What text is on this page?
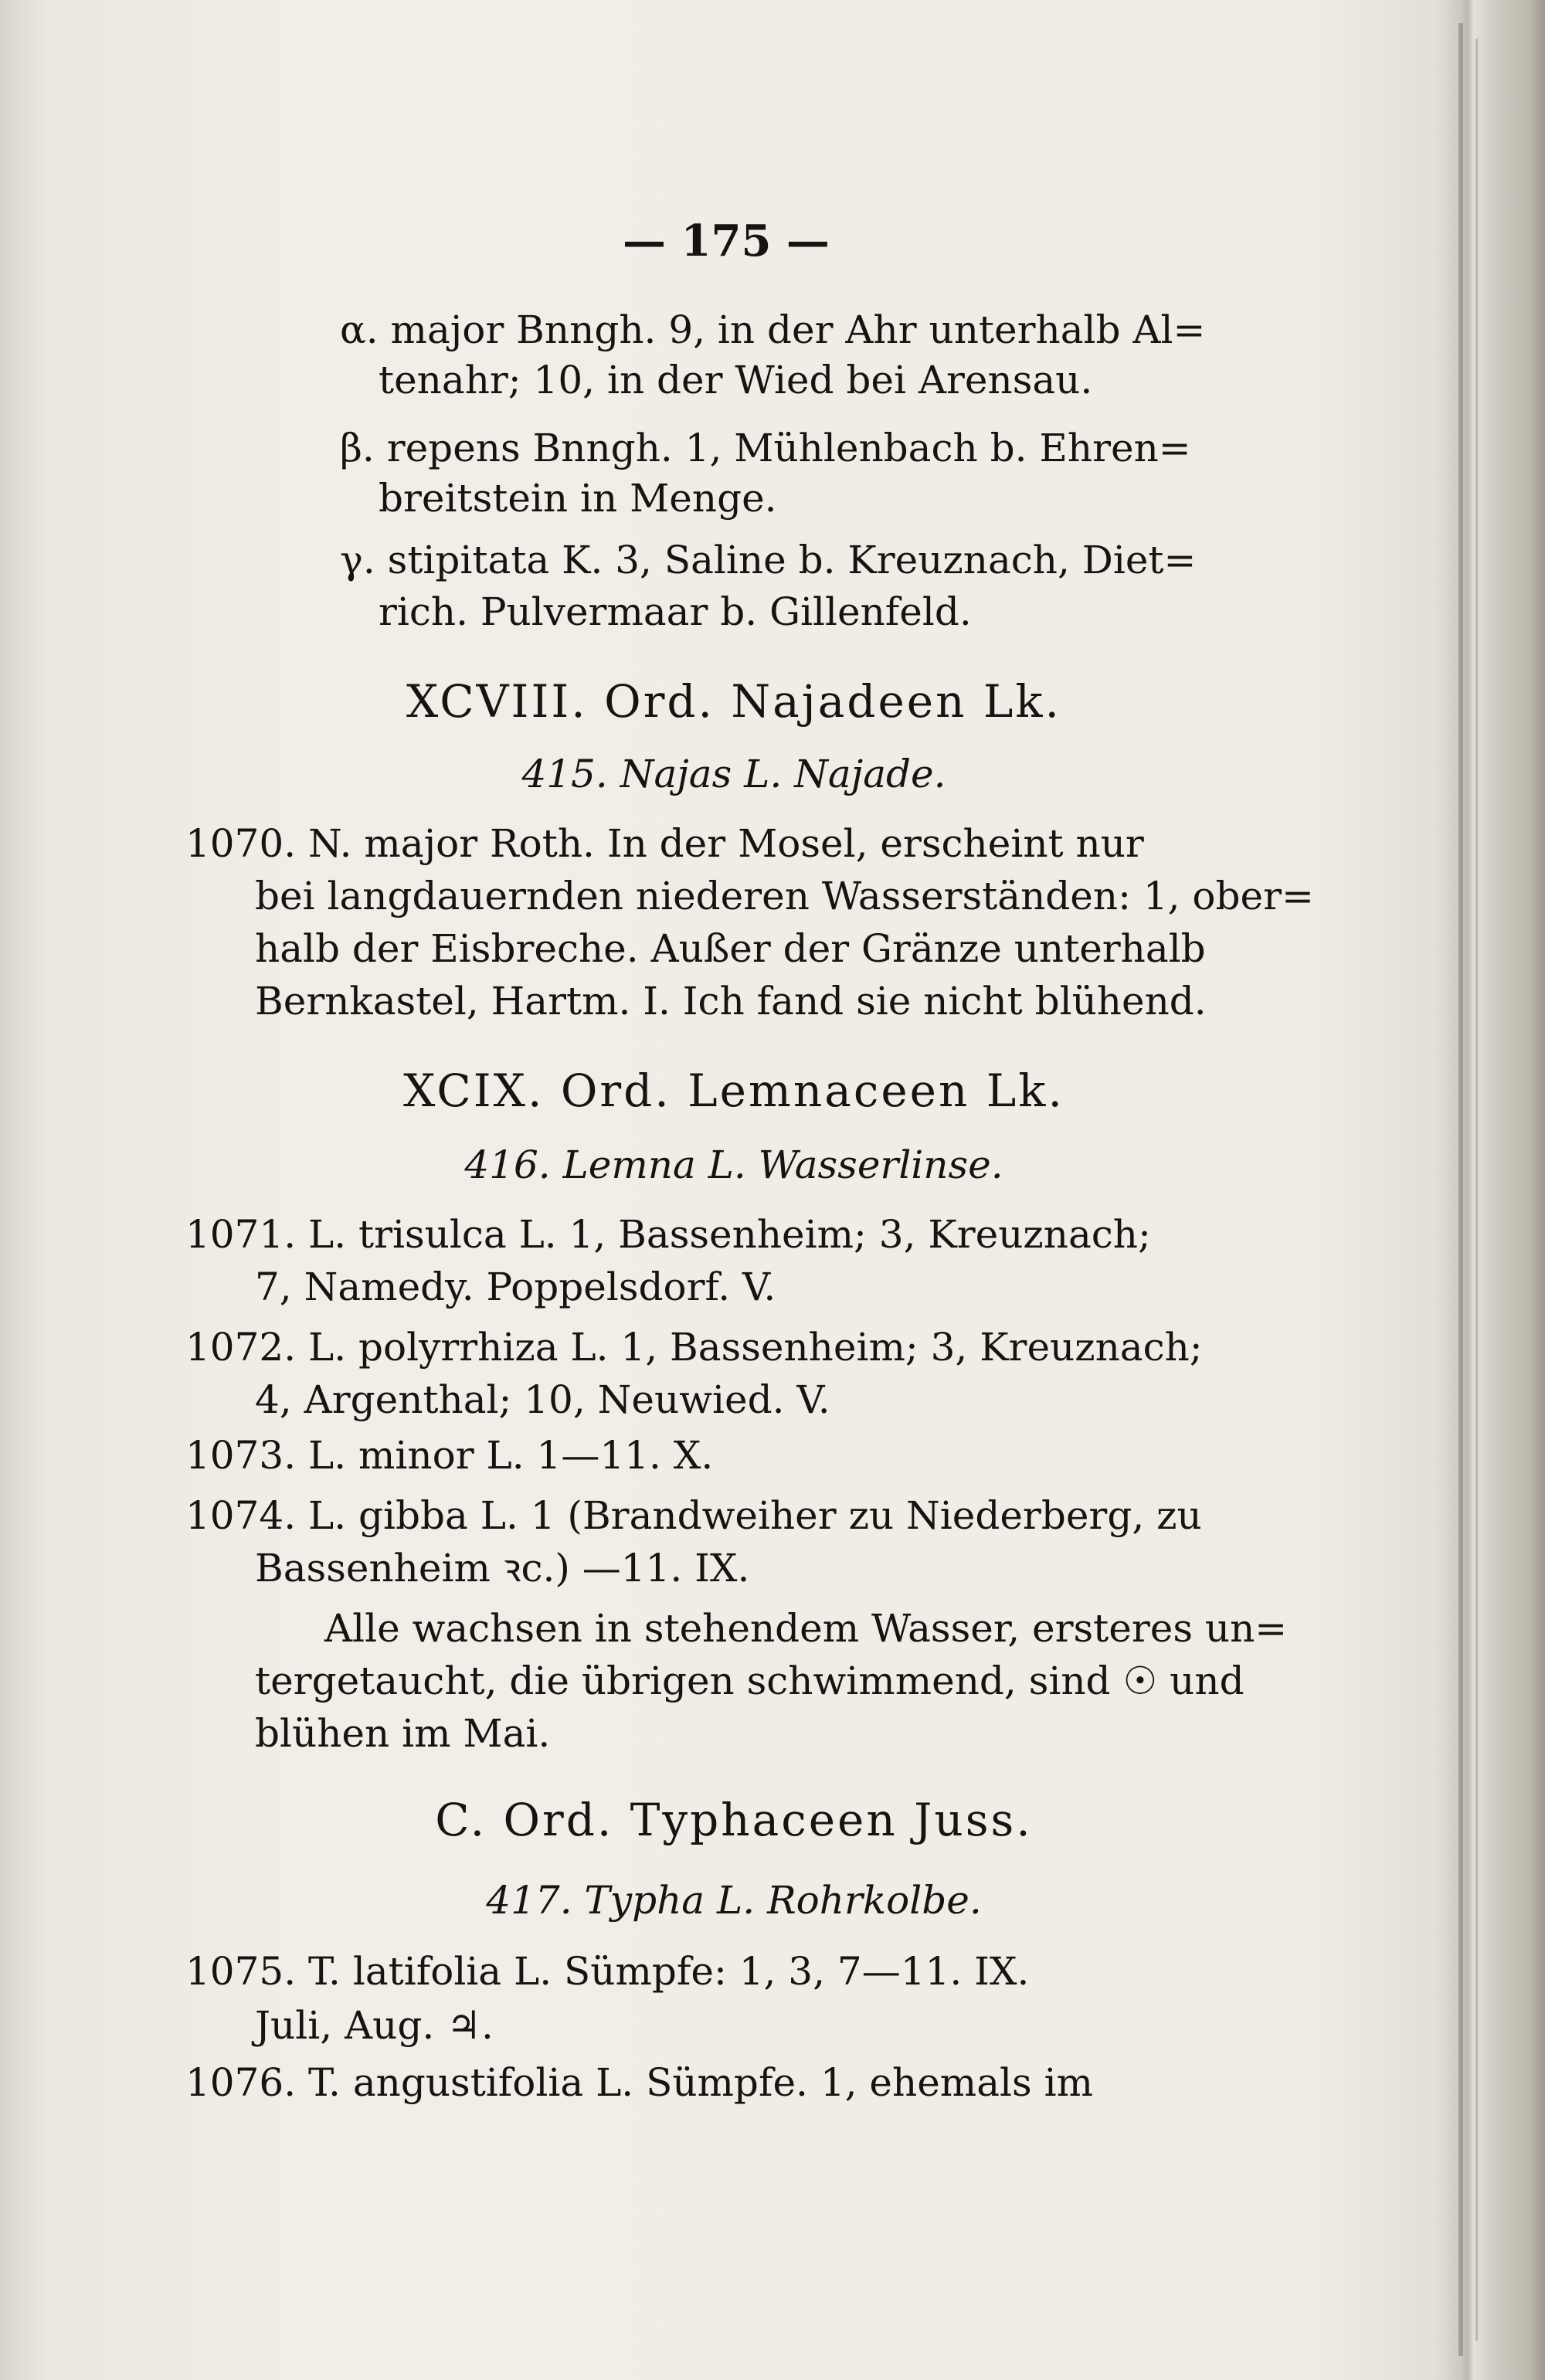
— 175 —
α. major Bnngh. 9, in der Ahr unterhalb Al=
tenahr; 10, in der Wied bei Arensau.
β. repens Bnngh. 1, Mühlenbach b. Ehren=
breitstein in Menge.
γ. stipitata K. 3, Saline b. Kreuznach, Diet=
rich. Pulvermaar b. Gillenfeld.
XCVIII. Ord. Najadeen Lk.
415. Najas L. Najade.
1070. N. major Roth. In der Mosel, erscheint nur
bei langdauernden niederen Wasserständen: 1, ober=
halb der Eisbreche. Außer der Gränze unterhalb
Bernkastel, Hartm. I. Ich fand sie nicht blühend.
XCIX. Ord. Lemnaceen Lk.
416. Lemna L. Wasserlinse.
1071. L. trisulca L. 1, Bassenheim; 3, Kreuznach;
7, Namedy. Poppelsdorf. V.
1072. L. polyrrhiza L. 1, Bassenheim; 3, Kreuznach;
4, Argenthal; 10, Neuwied. V.
1073. L. minor L. 1—11. X.
1074. L. gibba L. 1 (Brandweiher zu Niederberg, zu
Bassenheim ꝛc.) —11. IX.
Alle wachsen in stehendem Wasser, ersteres un=
tergetaucht, die übrigen schwimmend, sind ☉ und
blühen im Mai.
C. Ord. Typhaceen Juss.
417. Typha L. Rohrkolbe.
1075. T. latifolia L. Sümpfe: 1, 3, 7—11. IX.
Juli, Aug. ♃.
1076. T. angustifolia L. Sümpfe. 1, ehemals im
